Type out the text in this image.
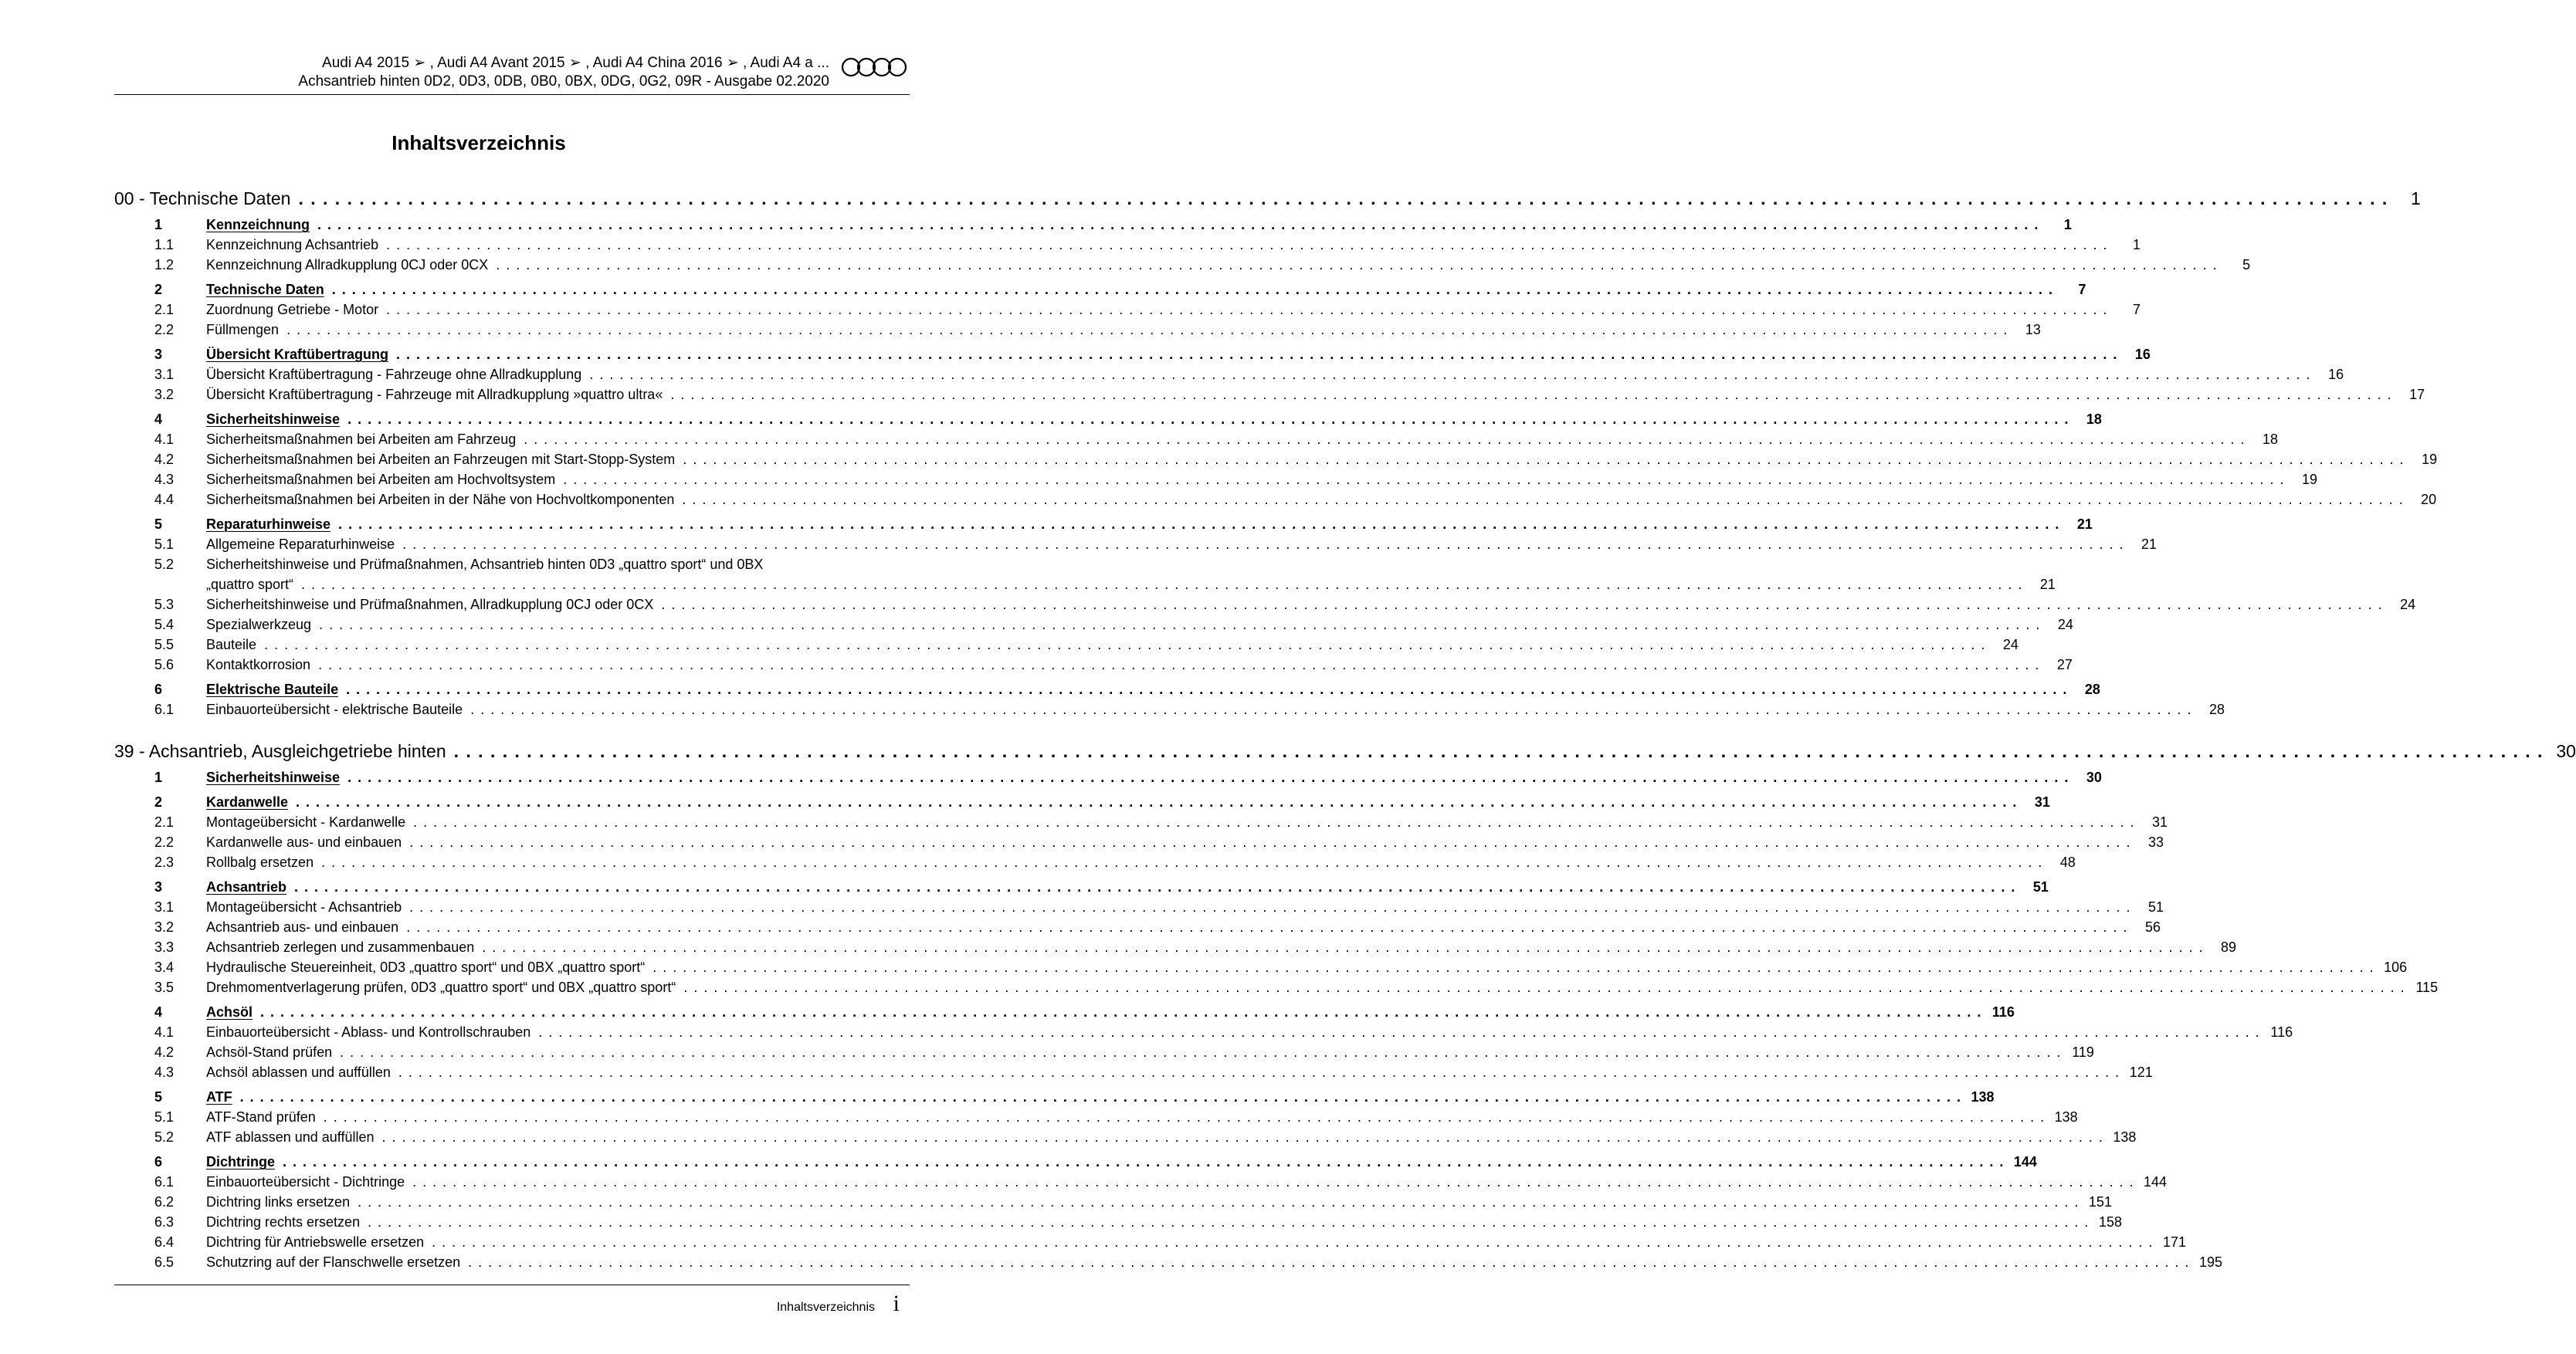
Audi A4 2015 ➢ , Audi A4 Avant 2015 ➢ , Audi A4 China 2016 ➢ , Audi A4 a ...
Achsantrieb hinten 0D2, 0D3, 0DB, 0B0, 0BX, 0DG, 0G2, 09R - Ausgabe 02.2020
Inhaltsverzeichnis
00 - Technische Daten . . .	1
1	Kennzeichnung . . .	1
1.1	Kennzeichnung Achsantrieb . . .	1
1.2	Kennzeichnung Allradkupplung 0CJ oder 0CX . . .	5
2	Technische Daten . . .	7
2.1	Zuordnung Getriebe - Motor . . .	7
2.2	Füllmengen . . .	13
3	Übersicht Kraftübertragung . . .	16
3.1	Übersicht Kraftübertragung - Fahrzeuge ohne Allradkupplung . . .	16
3.2	Übersicht Kraftübertragung - Fahrzeuge mit Allradkupplung »quattro ultra« . . .	17
4	Sicherheitshinweise . . .	18
4.1	Sicherheitsmaßnahmen bei Arbeiten am Fahrzeug . . .	18
4.2	Sicherheitsmaßnahmen bei Arbeiten an Fahrzeugen mit Start-Stopp-System . . .	19
4.3	Sicherheitsmaßnahmen bei Arbeiten am Hochvoltsystem . . .	19
4.4	Sicherheitsmaßnahmen bei Arbeiten in der Nähe von Hochvoltkomponenten . . .	20
5	Reparaturhinweise . . .	21
5.1	Allgemeine Reparaturhinweise . . .	21
5.2	Sicherheitshinweise und Prüfmaßnahmen, Achsantrieb hinten 0D3 „quattro sport“ und 0BX
„quattro sport“ . . .	21
5.3	Sicherheitshinweise und Prüfmaßnahmen, Allradkupplung 0CJ oder 0CX . . .	24
5.4	Spezialwerkzeug . . .	24
5.5	Bauteile . . .	24
5.6	Kontaktkorrosion . . .	27
6	Elektrische Bauteile . . .	28
6.1	Einbauorteübersicht - elektrische Bauteile . . .	28
39 - Achsantrieb, Ausgleichgetriebe hinten . . .	30
1	Sicherheitshinweise . . .	30
2	Kardanwelle . . .	31
2.1	Montageübersicht - Kardanwelle . . .	31
2.2	Kardanwelle aus- und einbauen . . .	33
2.3	Rollbalg ersetzen . . .	48
3	Achsantrieb . . .	51
3.1	Montageübersicht - Achsantrieb . . .	51
3.2	Achsantrieb aus- und einbauen . . .	56
3.3	Achsantrieb zerlegen und zusammenbauen . . .	89
3.4	Hydraulische Steuereinheit, 0D3 „quattro sport“ und 0BX „quattro sport“ . . .	106
3.5	Drehmomentverlagerung prüfen, 0D3 „quattro sport“ und 0BX „quattro sport“ . . .	115
4	Achsöl . . .	116
4.1	Einbauorteübersicht - Ablass- und Kontrollschrauben . . .	116
4.2	Achsöl-Stand prüfen . . .	119
4.3	Achsöl ablassen und auffüllen . . .	121
5	ATF . . .	138
5.1	ATF-Stand prüfen . . .	138
5.2	ATF ablassen und auffüllen . . .	138
6	Dichtringe . . .	144
6.1	Einbauorteübersicht - Dichtringe . . .	144
6.2	Dichtring links ersetzen . . .	151
6.3	Dichtring rechts ersetzen . . .	158
6.4	Dichtring für Antriebswelle ersetzen . . .	171
6.5	Schutzring auf der Flanschwelle ersetzen . . .	195
Inhaltsverzeichnis i
